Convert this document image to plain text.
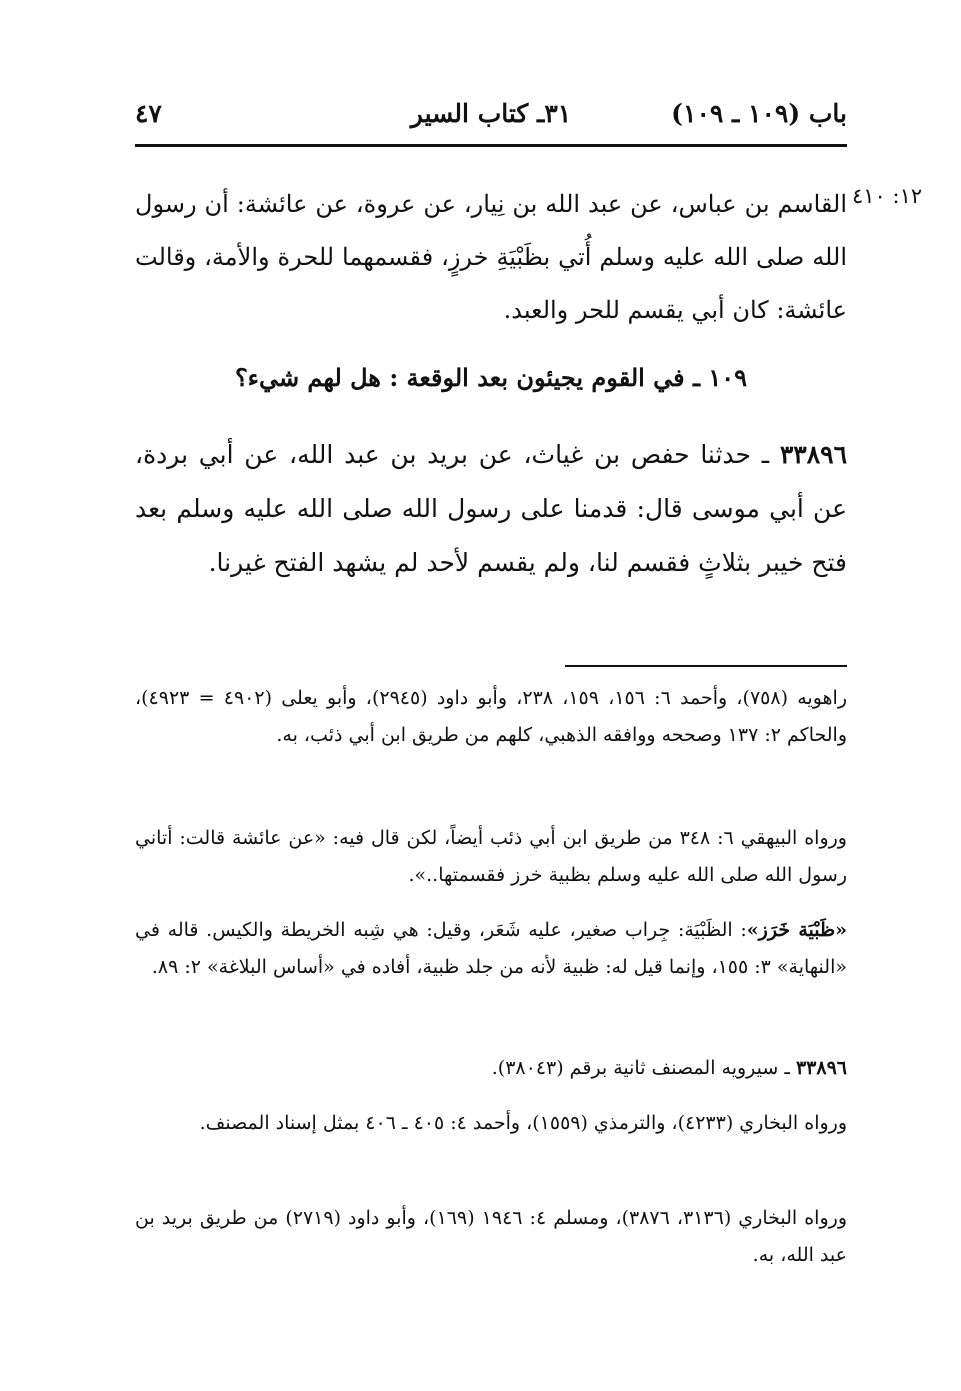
باب (١٠٩ ـ ١٠٩)
٣١ـ كتاب السير
٤٧
١٢: ٤١٠
القاسم بن عباس، عن عبد الله بن نِيار، عن عروة، عن عائشة: أن رسول الله صلى الله عليه وسلم أُتي بظَبْيَةِ خرزٍ، فقسمهما للحرة والأمة، وقالت عائشة: كان أبي يقسم للحر والعبد.
١٠٩ ـ في القوم يجيئون بعد الوقعة : هل لهم شيء؟
٣٣٨٩٦ ـ حدثنا حفص بن غياث، عن بريد بن عبد الله، عن أبي بردة، عن أبي موسى قال: قدمنا على رسول الله صلى الله عليه وسلم بعد فتح خيبر بثلاثٍ فقسم لنا، ولم يقسم لأحد لم يشهد الفتح غيرنا.
راهويه (٧٥٨)، وأحمد ٦: ١٥٦، ١٥٩، ٢٣٨، وأبو داود (٢٩٤٥)، وأبو يعلى (٤٩٠٢ = ٤٩٢٣)، والحاكم ٢: ١٣٧ وصححه ووافقه الذهبي، كلهم من طريق ابن أبي ذئب، به.
ورواه البيهقي ٦: ٣٤٨ من طريق ابن أبي ذئب أيضاً، لكن قال فيه: «عن عائشة قالت: أتاني رسول الله صلى الله عليه وسلم بظبية خرز فقسمتها..».
«ظَبْيَة خَرَز»: الظَبْيَة: جِراب صغير، عليه شَعَر، وقيل: هي شِبه الخريطة والكيس. قاله في «النهاية» ٣: ١٥٥، وإنما قيل له: ظبية لأنه من جلد ظبية، أفاده في «أساس البلاغة» ٢: ٨٩.
٣٣٨٩٦ ـ سيرويه المصنف ثانية برقم (٣٨٠٤٣).
ورواه البخاري (٤٢٣٣)، والترمذي (١٥٥٩)، وأحمد ٤: ٤٠٥ ـ ٤٠٦ بمثل إسناد المصنف.
ورواه البخاري (٣١٣٦، ٣٨٧٦)، ومسلم ٤: ١٩٤٦ (١٦٩)، وأبو داود (٢٧١٩) من طريق بريد بن عبد الله، به.
